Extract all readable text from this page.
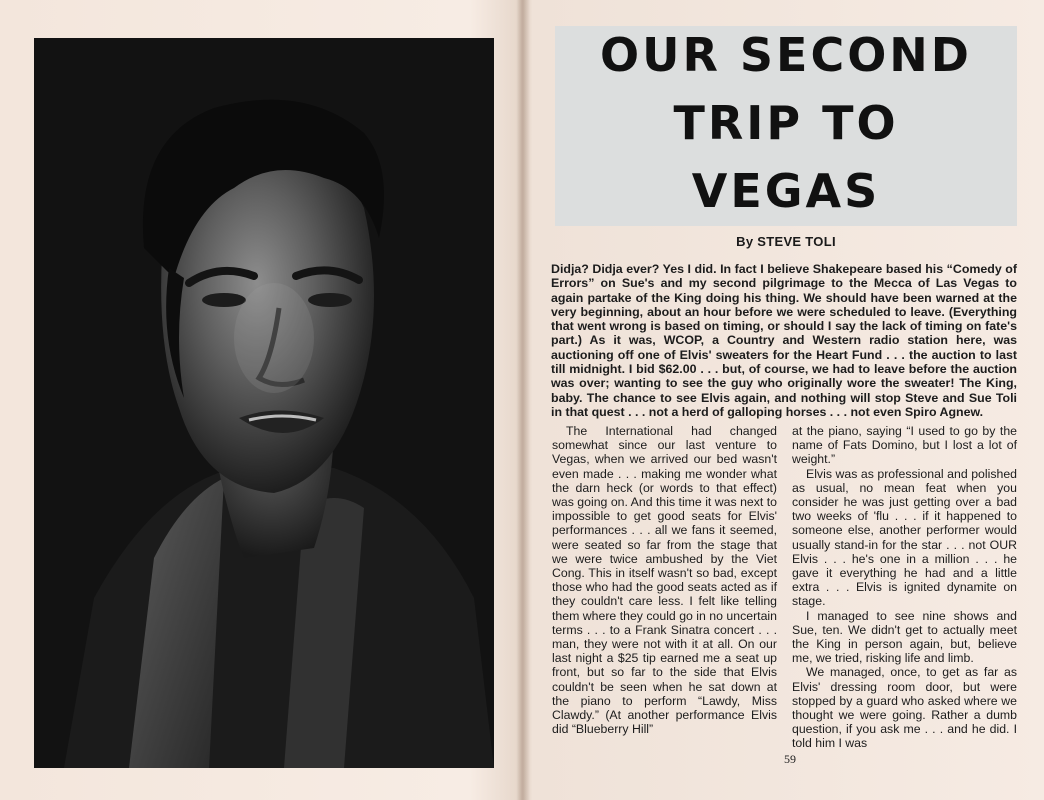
OUR SECOND
TRIP TO
VEGAS
By STEVE TOLI

Didja? Didja ever? Yes I did. In fact I believe Shakepeare based his “Comedy of Errors” on Sue's and my second pilgrimage to the Mecca of Las Vegas to again partake of the King doing his thing. We should have been warned at the very beginning, about an hour before we were scheduled to leave. (Everything that went wrong is based on timing, or should I say the lack of timing on fate's part.) As it was, WCOP, a Country and Western radio station here, was auctioning off one of Elvis' sweaters for the Heart Fund . . . the auction to last till midnight. I bid $62.00 . . . but, of course, we had to leave before the auction was over; wanting to see the guy who originally wore the sweater! The King, baby. The chance to see Elvis again, and nothing will stop Steve and Sue Toli in that quest . . . not a herd of galloping horses . . . not even Spiro Agnew.

The International had changed somewhat since our last venture to Vegas, when we arrived our bed wasn't even made . . . making me wonder what the darn heck (or words to that effect) was going on. And this time it was next to impossible to get good seats for Elvis' performances . . . all we fans it seemed, were seated so far from the stage that we were twice ambushed by the Viet Cong. This in itself wasn't so bad, except those who had the good seats acted as if they couldn't care less. I felt like telling them where they could go in no uncertain terms . . . to a Frank Sinatra concert . . . man, they were not with it at all. On our last night a $25 tip earned me a seat up front, but so far to the side that Elvis couldn't be seen when he sat down at the piano to perform “Lawdy, Miss Clawdy.” (At another performance Elvis did “Blueberry Hill”

at the piano, saying “I used to go by the name of Fats Domino, but I lost a lot of weight.”

Elvis was as professional and polished as usual, no mean feat when you consider he was just getting over a bad two weeks of 'flu . . . if it happened to someone else, another performer would usually stand-in for the star . . . not OUR Elvis . . . he's one in a million . . . he gave it everything he had and a little extra . . . Elvis is ignited dynamite on stage.

I managed to see nine shows and Sue, ten. We didn't get to actually meet the King in person again, but, believe me, we tried, risking life and limb.

We managed, once, to get as far as Elvis' dressing room door, but were stopped by a guard who asked where we thought we were going. Rather a dumb question, if you ask me . . . and he did. I told him I was

59
